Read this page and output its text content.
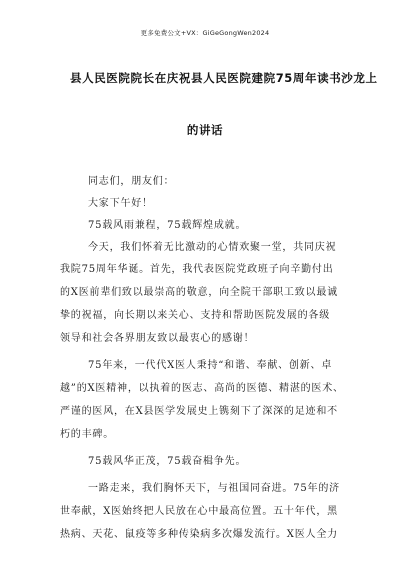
更多免费公文+VX：GiGeGongWen2024
县人民医院院长在庆祝县人民医院建院75周年读书沙龙上
的讲话
同志们，朋友们：
大家下午好！
75载风雨兼程，75载辉煌成就。
今天，我们怀着无比激动的心情欢聚一堂，共同庆祝
我院75周年华诞。首先，我代表医院党政班子向辛勤付出
的X医前辈们致以最崇高的敬意，向全院干部职工致以最诚
挚的祝福，向长期以来关心、支持和帮助医院发展的各级
领导和社会各界朋友致以最衷心的感谢！
75年来，一代代X医人秉持“和谐、奉献、创新、卓
越”的X医精神，以执着的医志、高尚的医德、精湛的医术、
严谨的医风，在X县医学发展史上镌刻下了深深的足迹和不
朽的丰碑。
75载风华正茂，75载奋楫争先。
一路走来，我们胸怀天下，与祖国同奋进。75年的济
世奉献，X医始终把人民放在心中最高位置。五十年代，黑
热病、天花、鼠疫等多种传染病多次爆发流行。X医人全力
